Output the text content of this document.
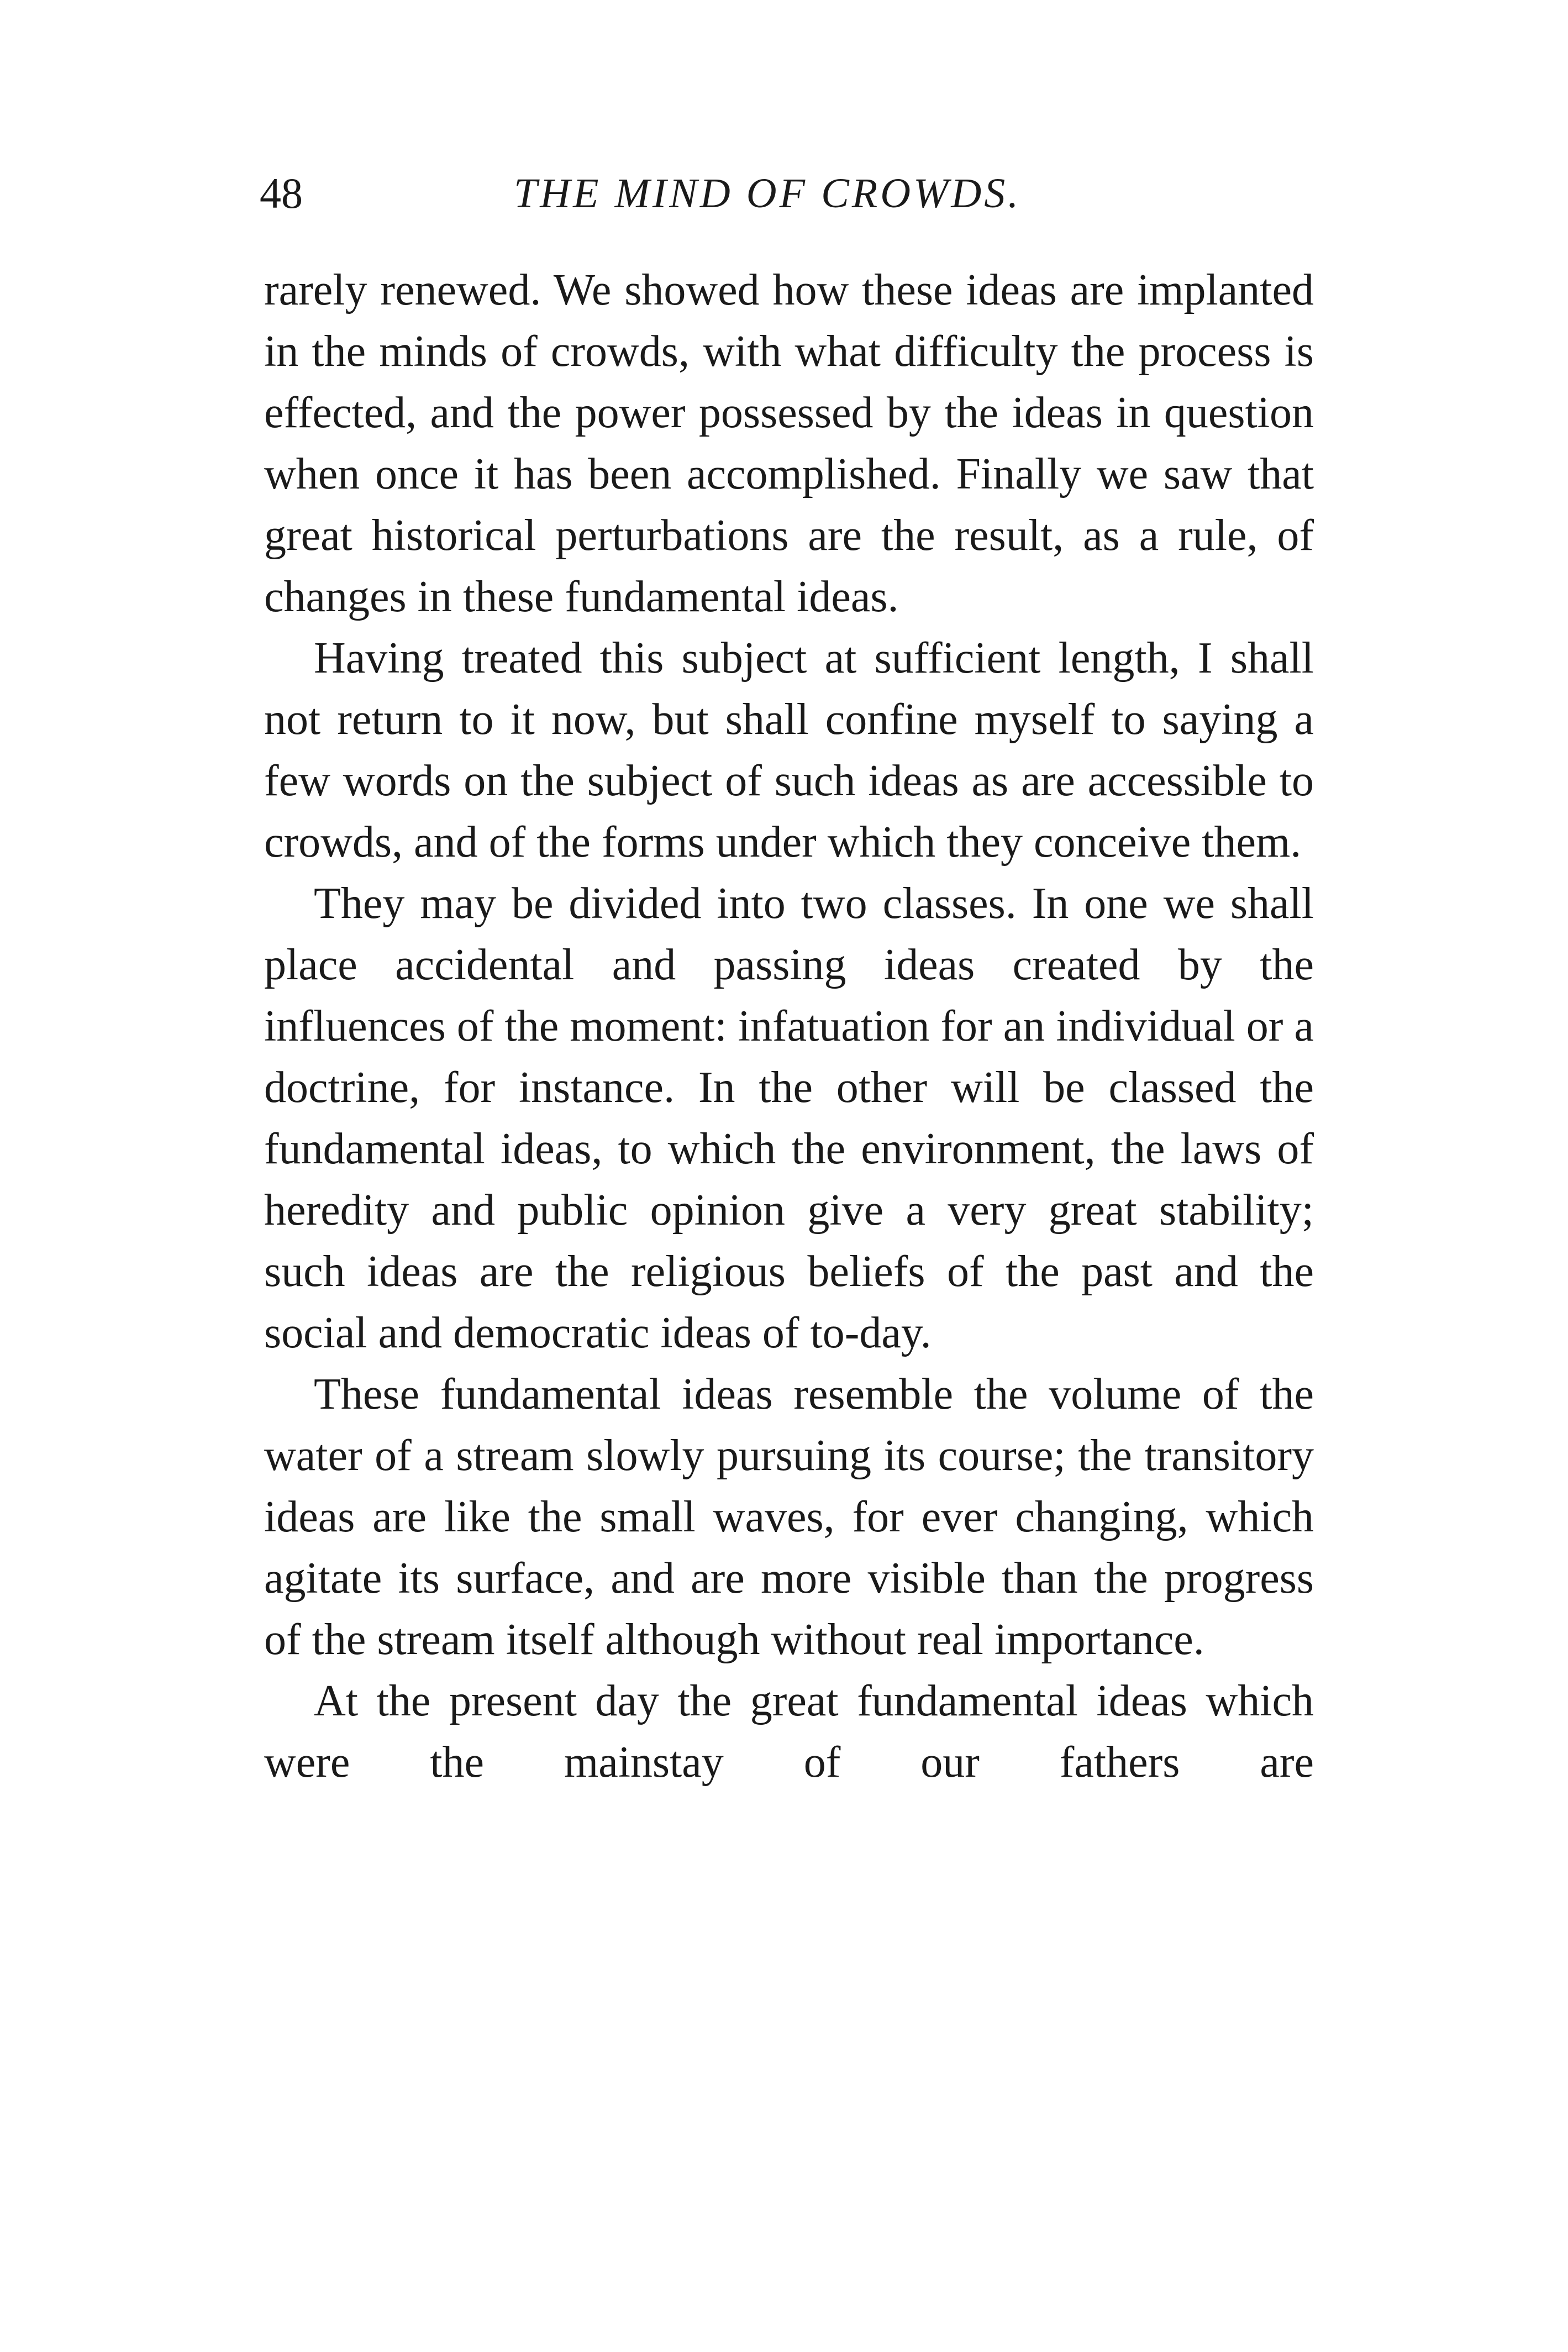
48	THE MIND OF CROWDS.

rarely renewed. We showed how these ideas are implanted in the minds of crowds, with what difficulty the process is effected, and the power possessed by the ideas in question when once it has been accomplished. Finally we saw that great historical perturbations are the result, as a rule, of changes in these fundamental ideas.

Having treated this subject at sufficient length, I shall not return to it now, but shall confine myself to saying a few words on the subject of such ideas as are accessible to crowds, and of the forms under which they conceive them.

They may be divided into two classes. In one we shall place accidental and passing ideas created by the influences of the moment: infatuation for an individual or a doctrine, for instance. In the other will be classed the fundamental ideas, to which the environment, the laws of heredity and public opinion give a very great stability; such ideas are the religious beliefs of the past and the social and democratic ideas of to-day.

These fundamental ideas resemble the volume of the water of a stream slowly pursuing its course; the transitory ideas are like the small waves, for ever changing, which agitate its surface, and are more visible than the progress of the stream itself although without real importance.

At the present day the great fundamental ideas which were the mainstay of our fathers are
